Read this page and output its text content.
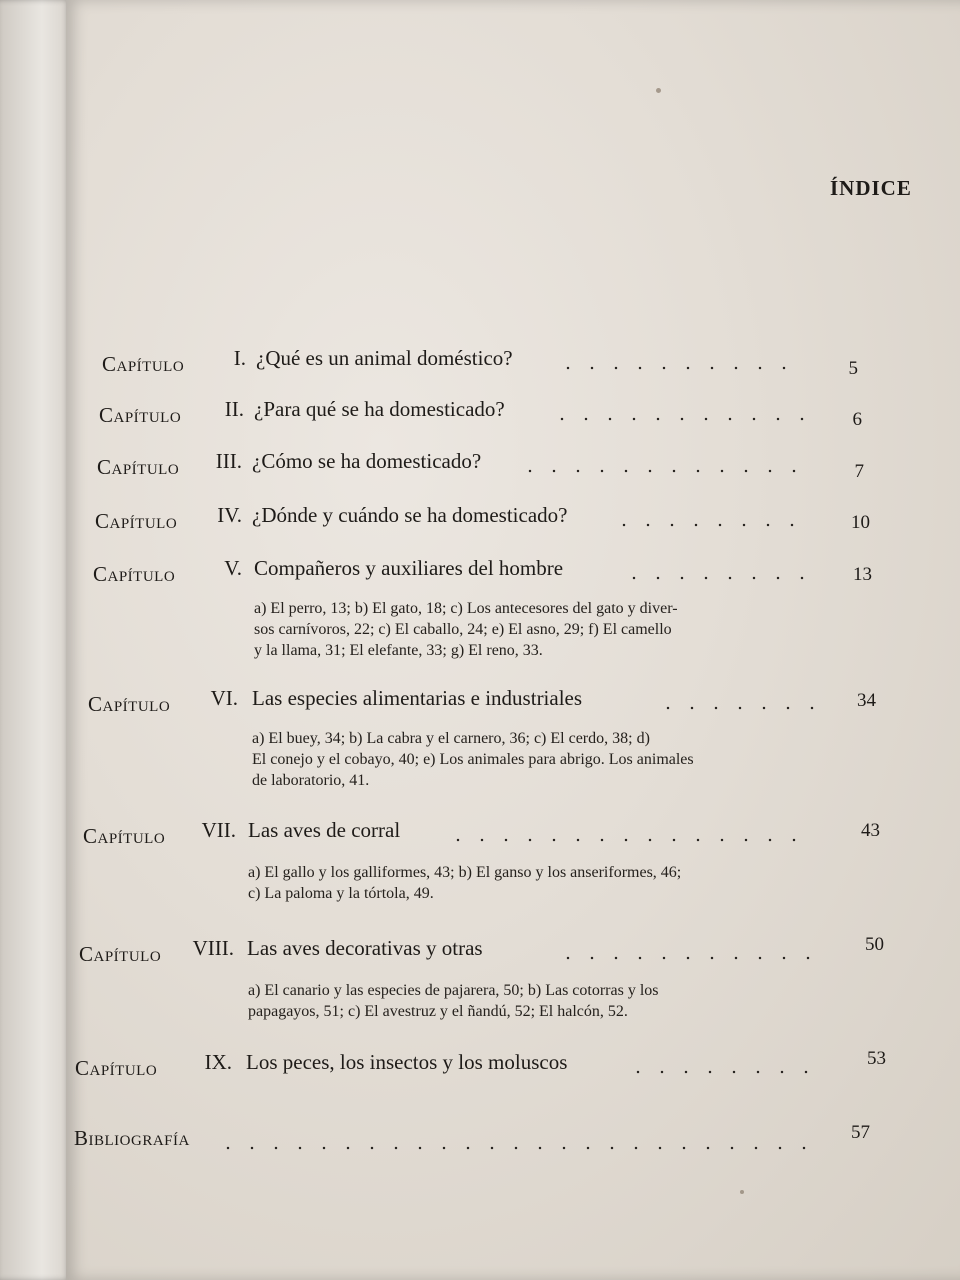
ÍNDICE
Capítulo	I. ¿Qué es un animal doméstico?	5
Capítulo	II. ¿Para qué se ha domesticado?	6
Capítulo	III. ¿Cómo se ha domesticado?	7
Capítulo	IV. ¿Dónde y cuándo se ha domesticado?	10
Capítulo	V. Compañeros y auxiliares del hombre	13
a) El perro, 13; b) El gato, 18; c) Los antecesores del gato y diver-
sos carnívoros, 22; c) El caballo, 24; e) El asno, 29; f) El camello
y la llama, 31; El elefante, 33; g) El reno, 33.
Capítulo	VI. Las especies alimentarias e industriales	34
a) El buey, 34; b) La cabra y el carnero, 36; c) El cerdo, 38; d)
El conejo y el cobayo, 40; e) Los animales para abrigo. Los animales
de laboratorio, 41.
Capítulo	VII. Las aves de corral	43
a) El gallo y los galliformes, 43; b) El ganso y los anseriformes, 46;
c) La paloma y la tórtola, 49.
Capítulo	VIII. Las aves decorativas y otras	50
a) El canario y las especies de pajarera, 50; b) Las cotorras y los
papagayos, 51; c) El avestruz y el ñandú, 52; El halcón, 52.
Capítulo	IX. Los peces, los insectos y los moluscos	53
Bibliografía	57
